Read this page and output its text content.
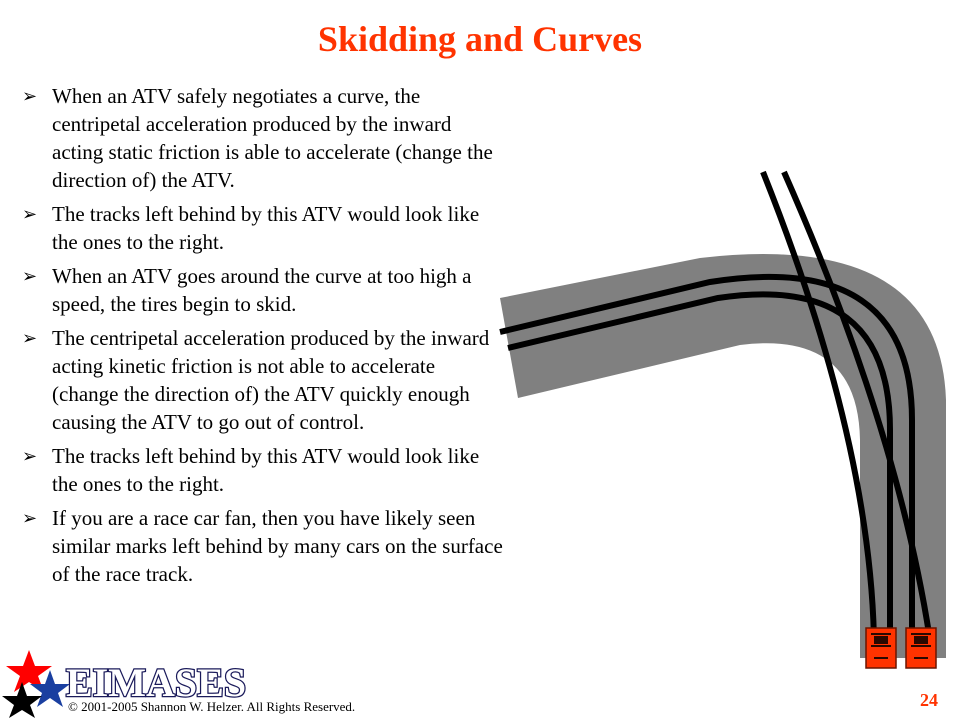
Skidding and Curves
➢ When an ATV safely negotiates a curve, the centripetal acceleration produced by the inward acting static friction is able to accelerate (change the direction of) the ATV.
➢ The tracks left behind by this ATV would look like the ones to the right.
➢ When an ATV goes around the curve at too high a speed, the tires begin to skid.
➢ The centripetal acceleration produced by the inward acting kinetic friction is not able to accelerate (change the direction of) the ATV quickly enough causing the ATV to go out of control.
➢ The tracks left behind by this ATV would look like the ones to the right.
➢ If you are a race car fan, then you have likely seen similar marks left behind by many cars on the surface of the race track.
EIMASES
© 2001-2005 Shannon W. Helzer. All Rights Reserved.	24
